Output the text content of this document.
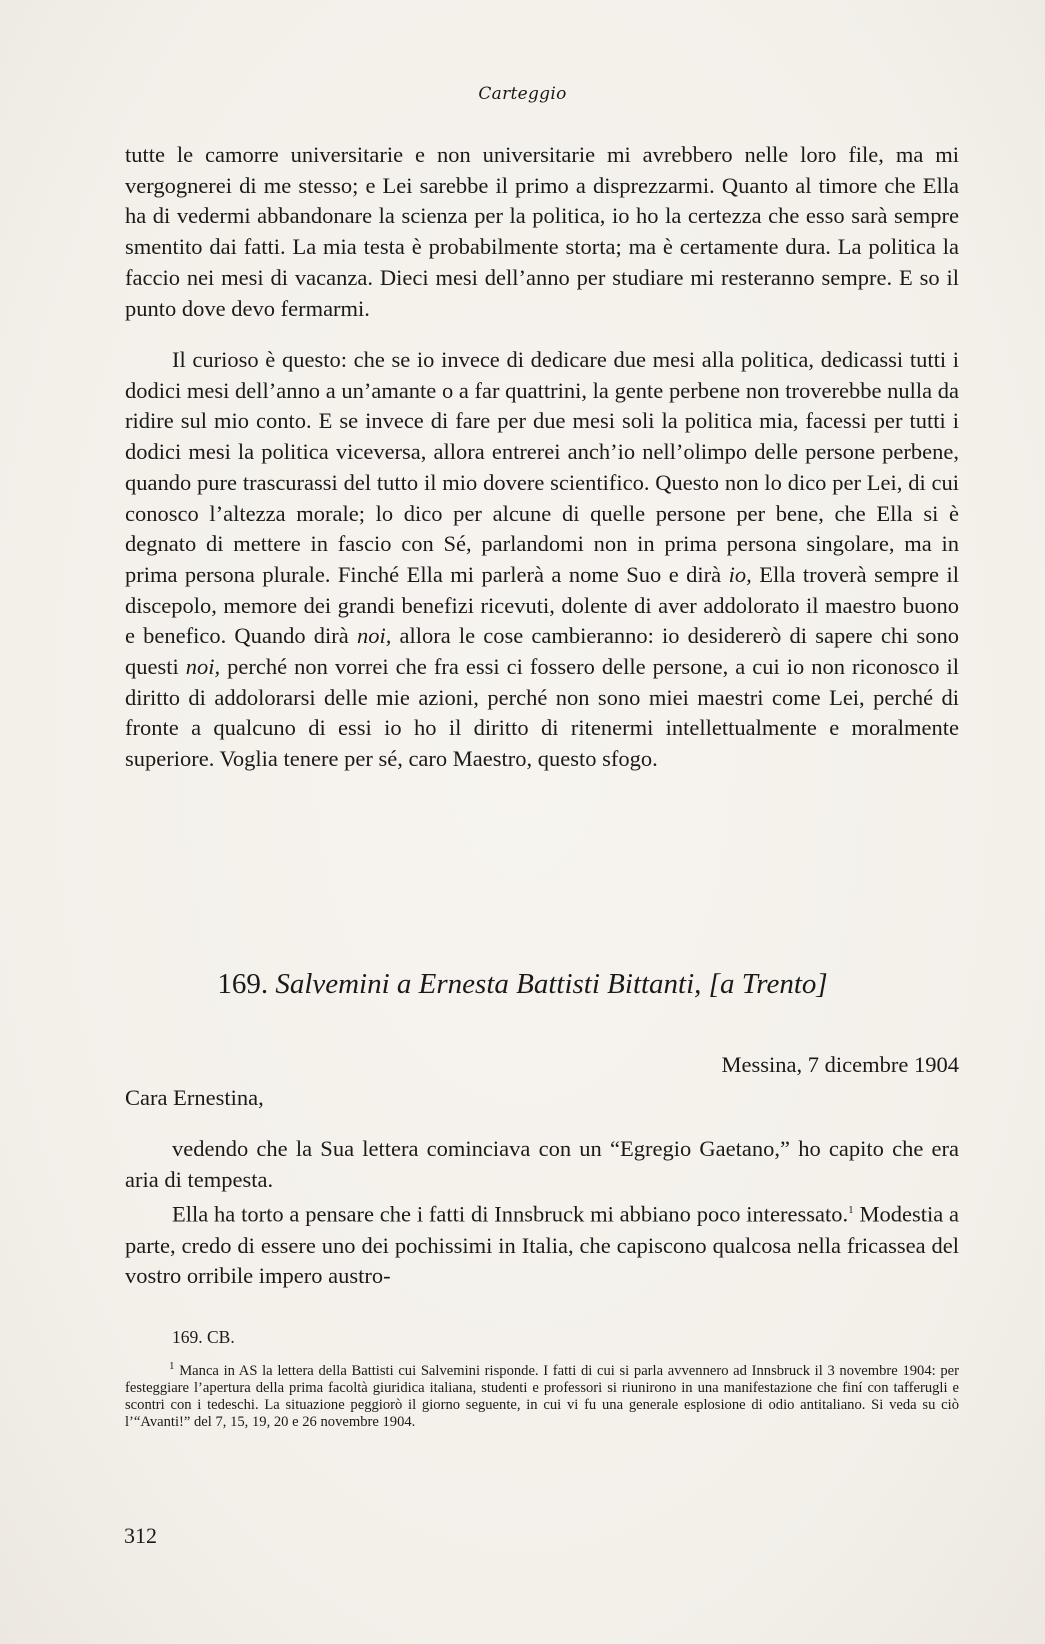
Carteggio

tutte le camorre universitarie e non universitarie mi avrebbero nelle loro file, ma mi vergognerei di me stesso; e Lei sarebbe il primo a disprezzarmi. Quanto al timore che Ella ha di vedermi abbandonare la scienza per la politica, io ho la certezza che esso sarà sempre smentito dai fatti. La mia testa è probabilmente storta; ma è certamente dura. La politica la faccio nei mesi di vacanza. Dieci mesi dell’anno per studiare mi resteranno sempre. E so il punto dove devo fermarmi.

Il curioso è questo: che se io invece di dedicare due mesi alla politica, dedicassi tutti i dodici mesi dell’anno a un’amante o a far quattrini, la gente perbene non troverebbe nulla da ridire sul mio conto. E se invece di fare per due mesi soli la politica mia, facessi per tutti i dodici mesi la politica viceversa, allora entrerei anch’io nell’olimpo delle persone perbene, quando pure trascurassi del tutto il mio dovere scientifico. Questo non lo dico per Lei, di cui conosco l’altezza morale; lo dico per alcune di quelle persone per bene, che Ella si è degnato di mettere in fascio con Sé, parlandomi non in prima persona singolare, ma in prima persona plurale. Finché Ella mi parlerà a nome Suo e dirà io, Ella troverà sempre il discepolo, memore dei grandi benefizi ricevuti, dolente di aver addolorato il maestro buono e benefico. Quando dirà noi, allora le cose cambieranno: io desidererò di sapere chi sono questi noi, perché non vorrei che fra essi ci fossero delle persone, a cui io non riconosco il diritto di addolorarsi delle mie azioni, perché non sono miei maestri come Lei, perché di fronte a qualcuno di essi io ho il diritto di ritenermi intellettualmente e moralmente superiore. Voglia tenere per sé, caro Maestro, questo sfogo.

169. Salvemini a Ernesta Battisti Bittanti, [a Trento]
Messina, 7 dicembre 1904
Cara Ernestina,

vedendo che la Sua lettera cominciava con un “Egregio Gaetano,” ho capito che era aria di tempesta.

Ella ha torto a pensare che i fatti di Innsbruck mi abbiano poco interessato.$^1$ Modestia a parte, credo di essere uno dei pochissimi in Italia, che capiscono qualcosa nella fricassea del vostro orribile impero austro-

169. CB.
$^1$ Manca in AS la lettera della Battisti cui Salvemini risponde. I fatti di cui si parla avvennero ad Innsbruck il 3 novembre 1904: per festeggiare l’apertura della prima facoltà giuridica italiana, studenti e professori si riunirono in una manifestazione che finí con tafferugli e scontri con i tedeschi. La situazione peggiorò il giorno seguente, in cui vi fu una generale esplosione di odio antitaliano. Si veda su ciò l’“Avanti!” del 7, 15, 19, 20 e 26 novembre 1904.
312
